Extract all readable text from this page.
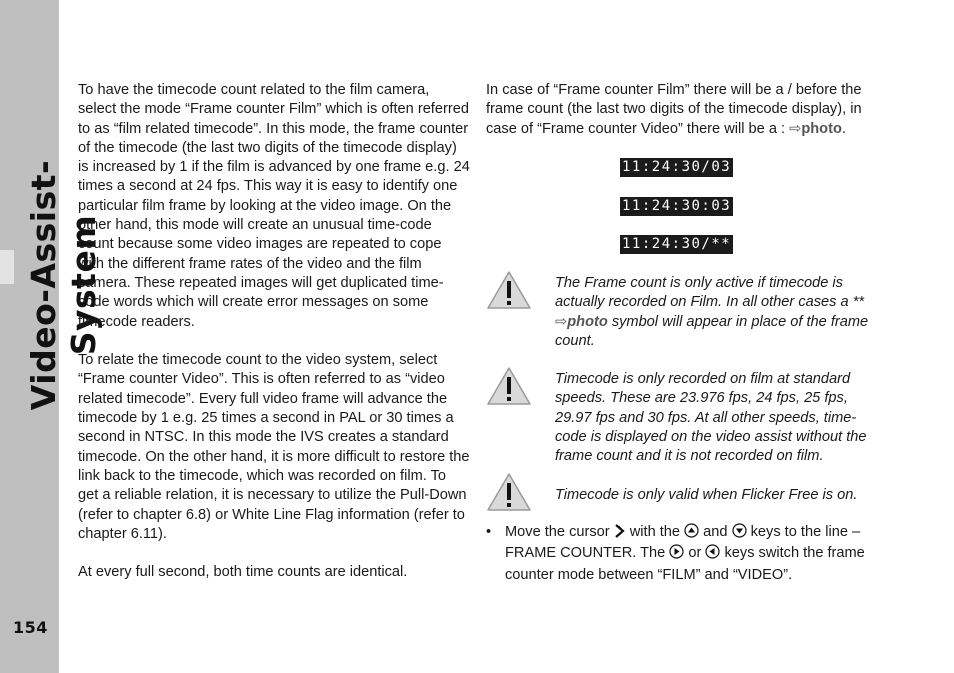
Video-Assist-System
154

To have the timecode count related to the film camera, select the mode “Frame counter Film” which is often referred to as “film related timecode”. In this mode, the frame counter of the timecode (the last two digits of the timecode display) is increased by 1 if the film is advanced by one frame e.g. 24 times a second at 24 fps. This way it is easy to identify one particular film frame by looking at the video image. On the other hand, this mode will create an unusual time-code count because some video images are repeated to cope with the different frame rates of the video and the film camera. These repeated images will get duplicated time-code words which will create error messages on some timecode readers.

To relate the timecode count to the video system, select “Frame counter Video”. This is often referred to as “video related timecode”. Every full video frame will advance the timecode by 1 e.g. 25 times a second in PAL or 30 times a second in NTSC. In this mode the IVS creates a standard timecode. On the other hand, it is more difficult to restore the link back to the timecode, which was recorded on film. To get a reliable relation, it is necessary to utilize the Pull-Down (refer to chapter 6.8) or White Line Flag information (refer to chapter 6.11).

At every full second, both time counts are identical.

In case of “Frame counter Film” there will be a / before the frame count (the last two digits of the timecode display), in case of “Frame counter Video” there will be a : ⇨photo.

11:24:30/03
11:24:30:03
11:24:30/**
The Frame count is only active if timecode is actually recorded on Film. In all other cases a ** ⇨photo symbol will appear in place of the frame count.
Timecode is only recorded on film at standard speeds. These are 23.976 fps, 24 fps, 25 fps, 29.97 fps and 30 fps. At all other speeds, time-code is displayed on the video assist without the frame count and it is not recorded on film.
Timecode is only valid when Flicker Free is on.
• Move the cursor  with the  and  keys to the line – FRAME COUNTER. The  or  keys switch the frame counter mode between “FILM” and “VIDEO”.
